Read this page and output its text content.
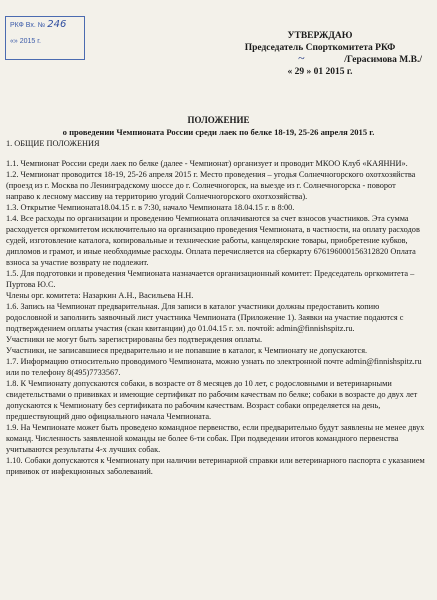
РКФ Вх. № 246
«» 2015 г.
УТВЕРЖДАЮ
Председатель Спорткомитета РКФ
/Герасимова М.В./
« 29 » 01 2015 г.
~
ПОЛОЖЕНИЕ
о проведении Чемпионата России среди лаек по белке 18-19, 25-26 апреля 2015 г.

1. ОБЩИЕ ПОЛОЖЕНИЯ

1.1. Чемпионат России среди лаек по белке (далее - Чемпионат) организует и проводит МКОО Клуб «КАЯННИ».

1.2. Чемпионат проводится 18-19, 25-26 апреля 2015 г. Место проведения – угодья Солнечногорского охотхозяйства (проезд из г. Москва по Ленинградскому шоссе до г. Солнечногорск, на выезде из г. Солнечногорска - поворот направо к лесному массиву на территорию угодий Солнечногорского охотхозяйства).

1.3. Открытие Чемпионата18.04.15 г. в 7:30, начало Чемпионата 18.04.15 г. в 8:00.

1.4. Все расходы по организации и проведению Чемпионата оплачиваются за счет взносов участников. Эта сумма расходуется оргкомитетом исключительно на организацию проведения Чемпионата, в частности, на оплату расходов судей, изготовление каталога, копировальные и технические работы, канцелярские товары, приобретение кубков, дипломов и грамот, и иные необходимые расходы. Оплата перечисляется на сберкарту 676196000156312820 Оплата взноса за участие возврату не подлежит.

1.5. Для подготовки и проведения Чемпионата назначается организационный комитет: Председатель оргкомитета – Пуртова Ю.С.

Члены орг. комитета: Назаркин А.Н., Васильева Н.Н.

1.6. Запись на Чемпионат предварительная. Для записи в каталог участники должны предоставить копию родословной и заполнить заявочный лист участника Чемпионата (Приложение 1). Заявки на участие подаются с подтверждением оплаты участия (скан квитанции) до 01.04.15 г. эл. почтой: admin@finnishspitz.ru.

Участники не могут быть зарегистрированы без подтверждения оплаты.

Участники, не записавшиеся предварительно и не попавшие в каталог, к Чемпионату не допускаются.

1.7. Информацию относительно проводимого Чемпионата, можно узнать по электронной почте admin@finnishspitz.ru или по телефону 8(495)7733567.

1.8. К Чемпионату допускаются собаки, в возрасте от 8 месяцев до 10 лет, с родословными и ветеринарными свидетельствами о прививках и имеющие сертификат по рабочим качествам по белке; собаки в возрасте до двух лет допускаются к Чемпионату без сертификата по рабочим качествам. Возраст собаки определяется на день, предшествующий дню официального начала Чемпионата.

1.9. На Чемпионате может быть проведено командное первенство, если предварительно будут заявлены не менее двух команд. Численность заявленной команды не более 6-ти собак. При подведении итогов командного первенства учитываются результаты 4-х лучших собак.

1.10. Собаки допускаются к Чемпионату при наличии ветеринарной справки или ветеринарного паспорта с указанием прививок от инфекционных заболеваний.
